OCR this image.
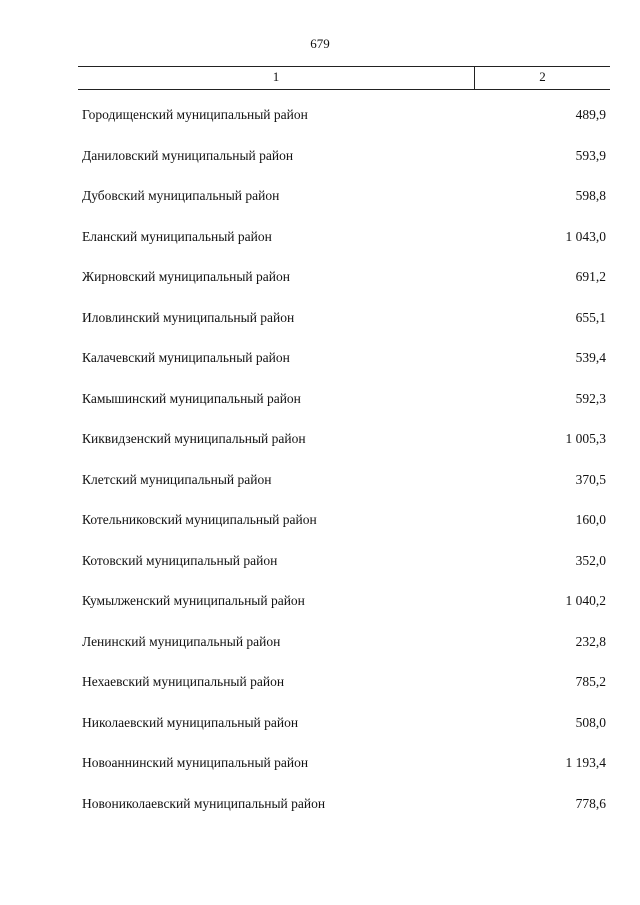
679
1	2
Городищенский муниципальный район	489,9
Даниловский муниципальный район	593,9
Дубовский муниципальный район	598,8
Еланский муниципальный район	1 043,0
Жирновский муниципальный район	691,2
Иловлинский муниципальный район	655,1
Калачевский муниципальный район	539,4
Камышинский муниципальный район	592,3
Киквидзенский муниципальный район	1 005,3
Клетский муниципальный район	370,5
Котельниковский муниципальный район	160,0
Котовский муниципальный район	352,0
Кумылженский муниципальный район	1 040,2
Ленинский муниципальный район	232,8
Нехаевский муниципальный район	785,2
Николаевский муниципальный район	508,0
Новоаннинский муниципальный район	1 193,4
Новониколаевский муниципальный район	778,6
